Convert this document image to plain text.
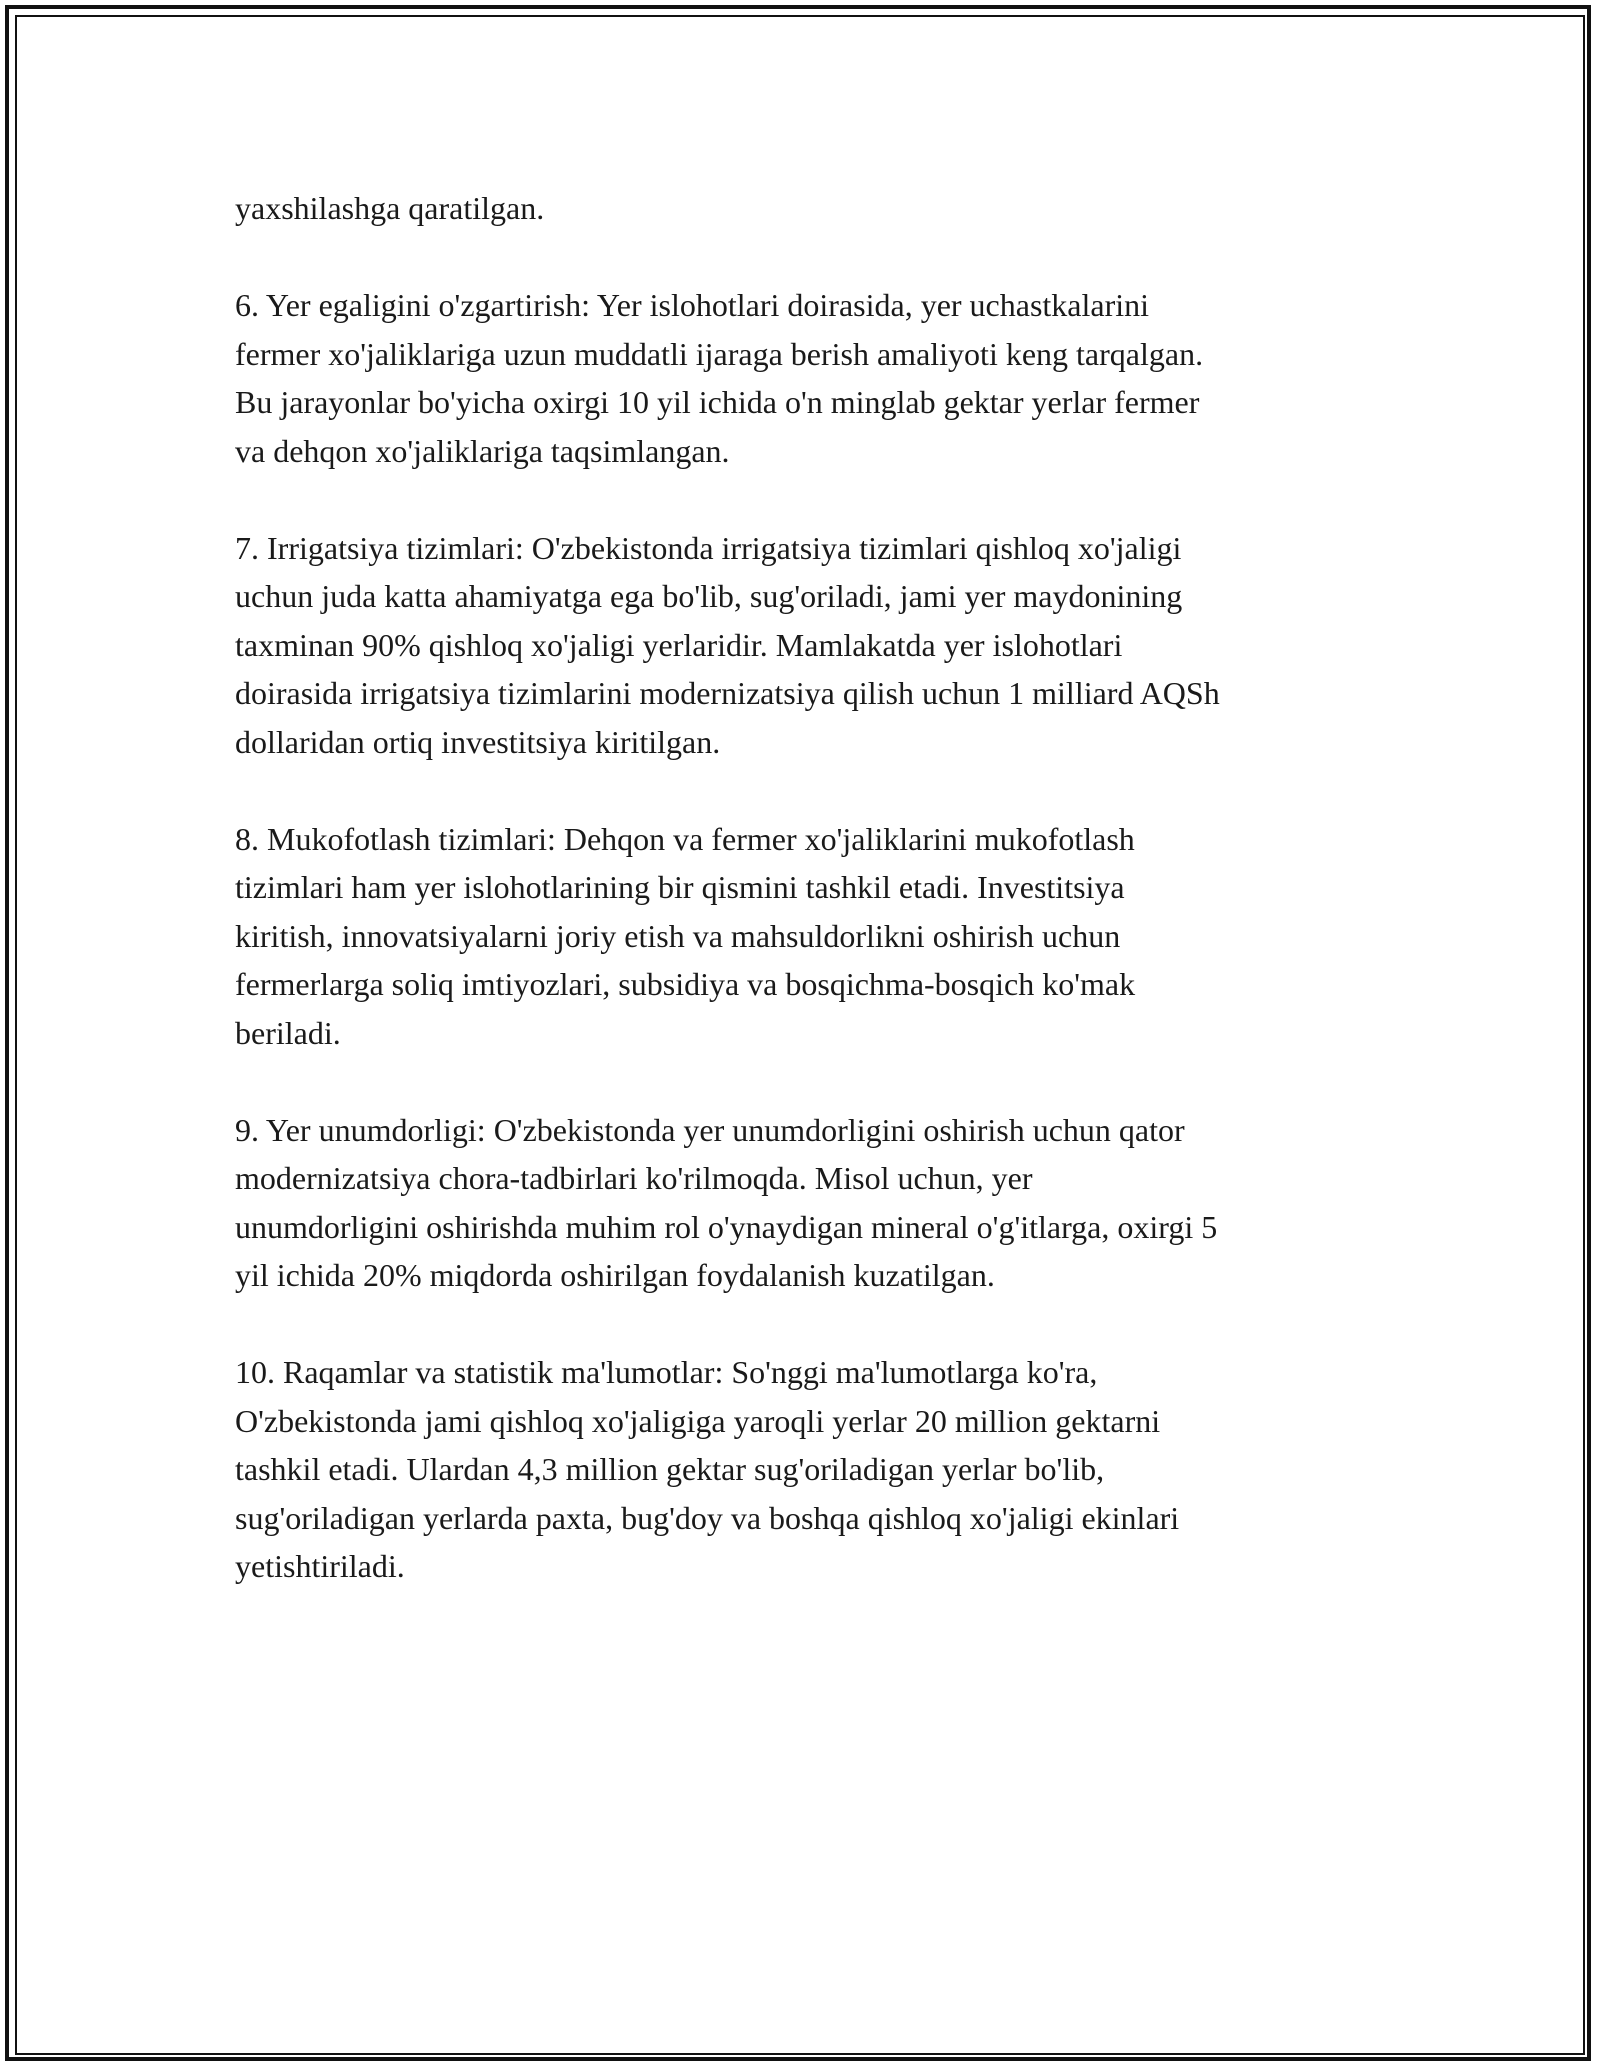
yaxshilashga qaratilgan.
6. Yer egaligini o'zgartirish: Yer islohotlari doirasida, yer uchastkalarini
fermer xo'jaliklariga uzun muddatli ijaraga berish amaliyoti keng tarqalgan.
Bu jarayonlar bo'yicha oxirgi 10 yil ichida o'n minglab gektar yerlar fermer
va dehqon xo'jaliklariga taqsimlangan.
7. Irrigatsiya tizimlari: O'zbekistonda irrigatsiya tizimlari qishloq xo'jaligi
uchun juda katta ahamiyatga ega bo'lib, sug'oriladi, jami yer maydonining
taxminan 90% qishloq xo'jaligi yerlaridir. Mamlakatda yer islohotlari
doirasida irrigatsiya tizimlarini modernizatsiya qilish uchun 1 milliard AQSh
dollaridan ortiq investitsiya kiritilgan.
8. Mukofotlash tizimlari: Dehqon va fermer xo'jaliklarini mukofotlash
tizimlari ham yer islohotlarining bir qismini tashkil etadi. Investitsiya
kiritish, innovatsiyalarni joriy etish va mahsuldorlikni oshirish uchun
fermerlarga soliq imtiyozlari, subsidiya va bosqichma-bosqich ko'mak
beriladi.
9. Yer unumdorligi: O'zbekistonda yer unumdorligini oshirish uchun qator
modernizatsiya chora-tadbirlari ko'rilmoqda. Misol uchun, yer
unumdorligini oshirishda muhim rol o'ynaydigan mineral o'g'itlarga, oxirgi 5
yil ichida 20% miqdorda oshirilgan foydalanish kuzatilgan.
10. Raqamlar va statistik ma'lumotlar: So'nggi ma'lumotlarga ko'ra,
O'zbekistonda jami qishloq xo'jaligiga yaroqli yerlar 20 million gektarni
tashkil etadi. Ulardan 4,3 million gektar sug'oriladigan yerlar bo'lib,
sug'oriladigan yerlarda paxta, bug'doy va boshqa qishloq xo'jaligi ekinlari
yetishtiriladi.
